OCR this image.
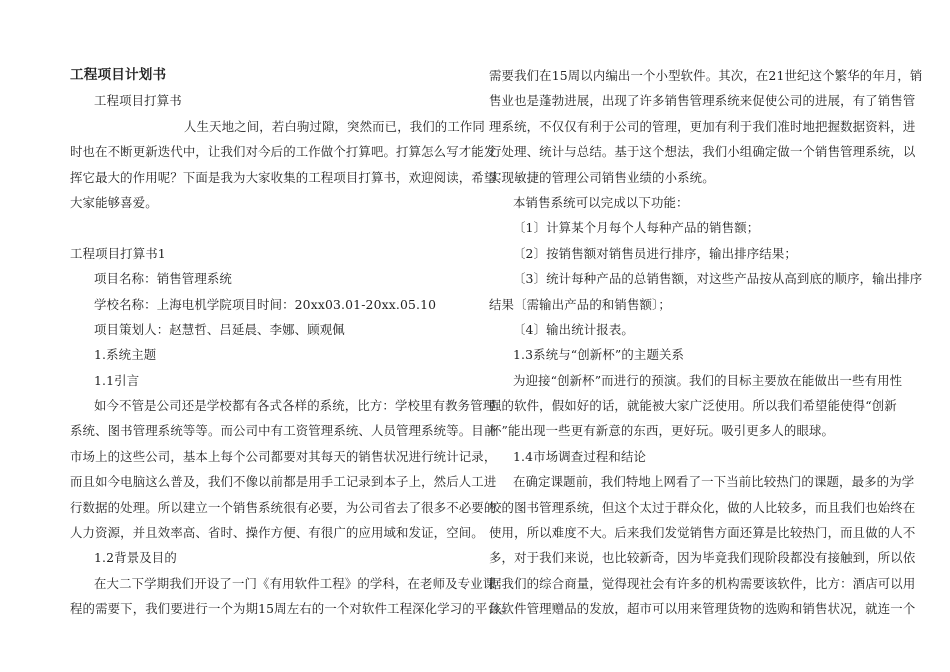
工程项目计划书
工程项目打算书
人生天地之间，若白驹过隙，突然而已，我们的工作同
时也在不断更新迭代中，让我们对今后的工作做个打算吧。打算怎么写才能发
挥它最大的作用呢？下面是我为大家收集的工程项目打算书，欢迎阅读，希望
大家能够喜爱。
工程项目打算书1
项目名称：销售管理系统
学校名称：上海电机学院项目时间：20xx03.01-20xx.05.10
项目策划人：赵慧哲、吕延晨、李娜、顾观佩
1.系统主题
1.1引言
如今不管是公司还是学校都有各式各样的系统，比方：学校里有教务管理
系统、图书管理系统等等。而公司中有工资管理系统、人员管理系统等。目前
市场上的这些公司，基本上每个公司都要对其每天的销售状况进行统计记录，
而且如今电脑这么普及，我们不像以前都是用手工记录到本子上，然后人工进
行数据的处理。所以建立一个销售系统很有必要，为公司省去了很多不必要的
人力资源，并且效率高、省时、操作方便、有很广的应用域和发证，空间。
1.2背景及目的
在大二下学期我们开设了一门《有用软件工程》的学科，在老师及专业课
程的需要下，我们要进行一个为期15周左右的一个对软件工程深化学习的平台。
需要我们在15周以内编出一个小型软件。其次，在21世纪这个繁华的年月，销
售业也是蓬勃进展，出现了许多销售管理系统来促使公司的进展，有了销售管
理系统，不仅仅有利于公司的管理，更加有利于我们准时地把握数据资料，进
行处理、统计与总结。基于这个想法，我们小组确定做一个销售管理系统，以
实现敏捷的管理公司销售业绩的小系统。
本销售系统可以完成以下功能：
〔1〕计算某个月每个人每种产品的销售额；
〔2〕按销售额对销售员进行排序，输出排序结果；
〔3〕统计每种产品的总销售额，对这些产品按从高到底的顺序，输出排序
结果〔需输出产品的和销售额〕；
〔4〕输出统计报表。
1.3系统与“创新杯”的主题关系
为迎接“创新杯”而进行的预演。我们的目标主要放在能做出一些有用性
强的软件，假如好的话，就能被大家广泛使用。所以我们希望能使得“创新
杯”能出现一些更有新意的东西，更好玩。吸引更多人的眼球。
1.4市场调查过程和结论
在确定课题前，我们特地上网看了一下当前比较热门的课题，最多的为学
校的图书管理系统，但这个太过于群众化，做的人比较多，而且我们也始终在
使用，所以难度不大。后来我们发觉销售方面还算是比较热门，而且做的人不
多，对于我们来说，也比较新奇，因为毕竟我们现阶段都没有接触到，所以依
据我们的综合商量，觉得现社会有许多的机构需要该软件，比方：酒店可以用
该软件管理赠品的发放，超市可以用来管理货物的选购和销售状况，就连一个
